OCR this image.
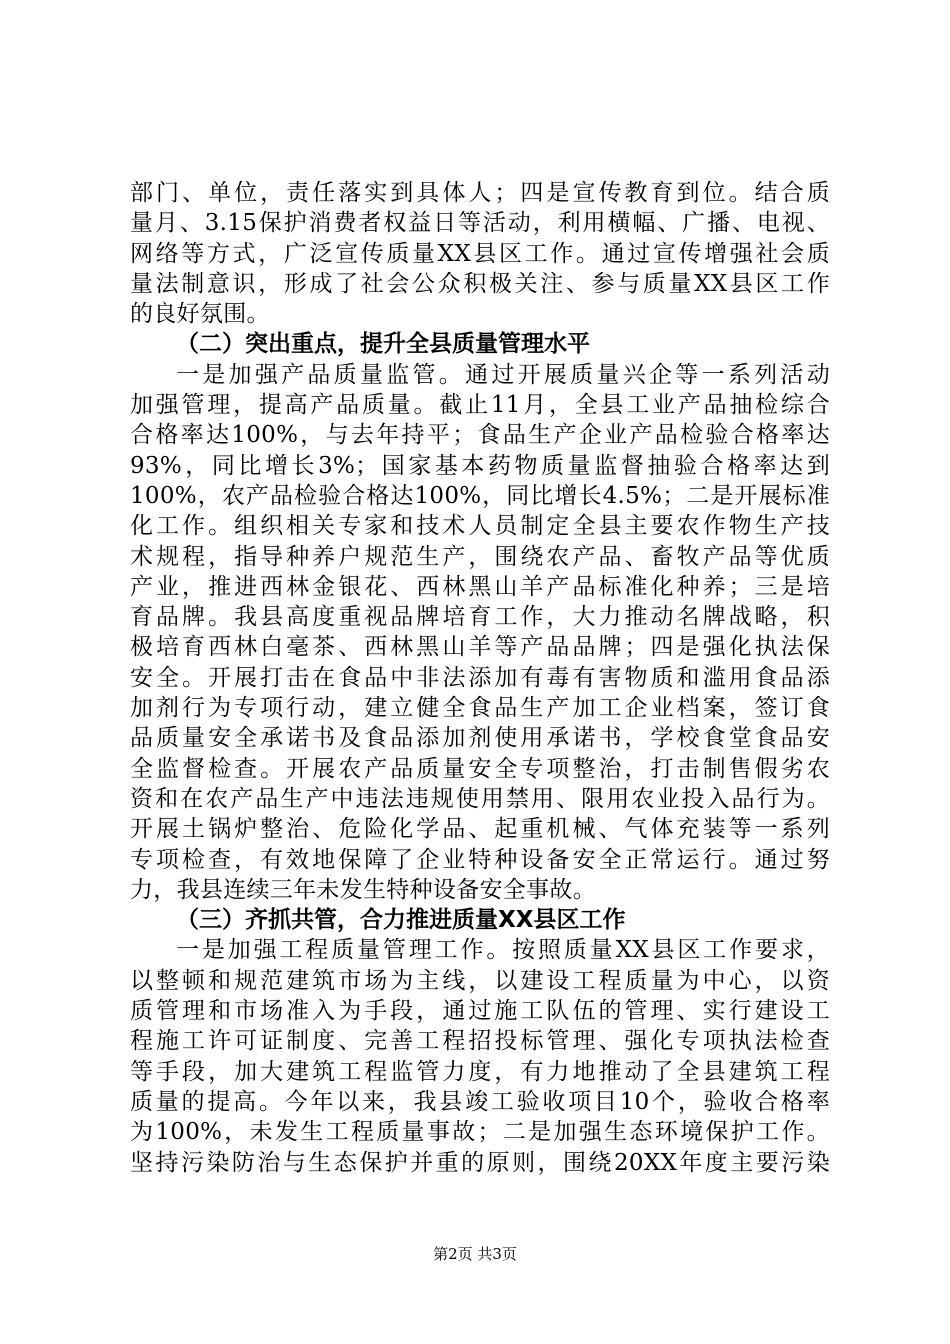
部门、单位，责任落实到具体人；四是宣传教育到位。结合质
量月、3.15保护消费者权益日等活动，利用横幅、广播、电视、
网络等方式，广泛宣传质量XX县区工作。通过宣传增强社会质
量法制意识，形成了社会公众积极关注、参与质量XX县区工作
的良好氛围。
（二）突出重点，提升全县质量管理水平
一是加强产品质量监管。通过开展质量兴企等一系列活动
加强管理，提高产品质量。截止11月，全县工业产品抽检综合
合格率达100%，与去年持平；食品生产企业产品检验合格率达
93%，同比增长3%；国家基本药物质量监督抽验合格率达到
100%，农产品检验合格达100%，同比增长4.5%；二是开展标准
化工作。组织相关专家和技术人员制定全县主要农作物生产技
术规程，指导种养户规范生产，围绕农产品、畜牧产品等优质
产业，推进西林金银花、西林黑山羊产品标准化种养；三是培
育品牌。我县高度重视品牌培育工作，大力推动名牌战略，积
极培育西林白毫茶、西林黑山羊等产品品牌；四是强化执法保
安全。开展打击在食品中非法添加有毒有害物质和滥用食品添
加剂行为专项行动，建立健全食品生产加工企业档案，签订食
品质量安全承诺书及食品添加剂使用承诺书，学校食堂食品安
全监督检查。开展农产品质量安全专项整治，打击制售假劣农
资和在农产品生产中违法违规使用禁用、限用农业投入品行为。
开展土锅炉整治、危险化学品、起重机械、气体充装等一系列
专项检查，有效地保障了企业特种设备安全正常运行。通过努
力，我县连续三年未发生特种设备安全事故。
（三）齐抓共管，合力推进质量XX县区工作
一是加强工程质量管理工作。按照质量XX县区工作要求，
以整顿和规范建筑市场为主线，以建设工程质量为中心，以资
质管理和市场准入为手段，通过施工队伍的管理、实行建设工
程施工许可证制度、完善工程招投标管理、强化专项执法检查
等手段，加大建筑工程监管力度，有力地推动了全县建筑工程
质量的提高。今年以来，我县竣工验收项目10个，验收合格率
为100%，未发生工程质量事故；二是加强生态环境保护工作。
坚持污染防治与生态保护并重的原则，围绕20XX年度主要污染
第2页 共3页
